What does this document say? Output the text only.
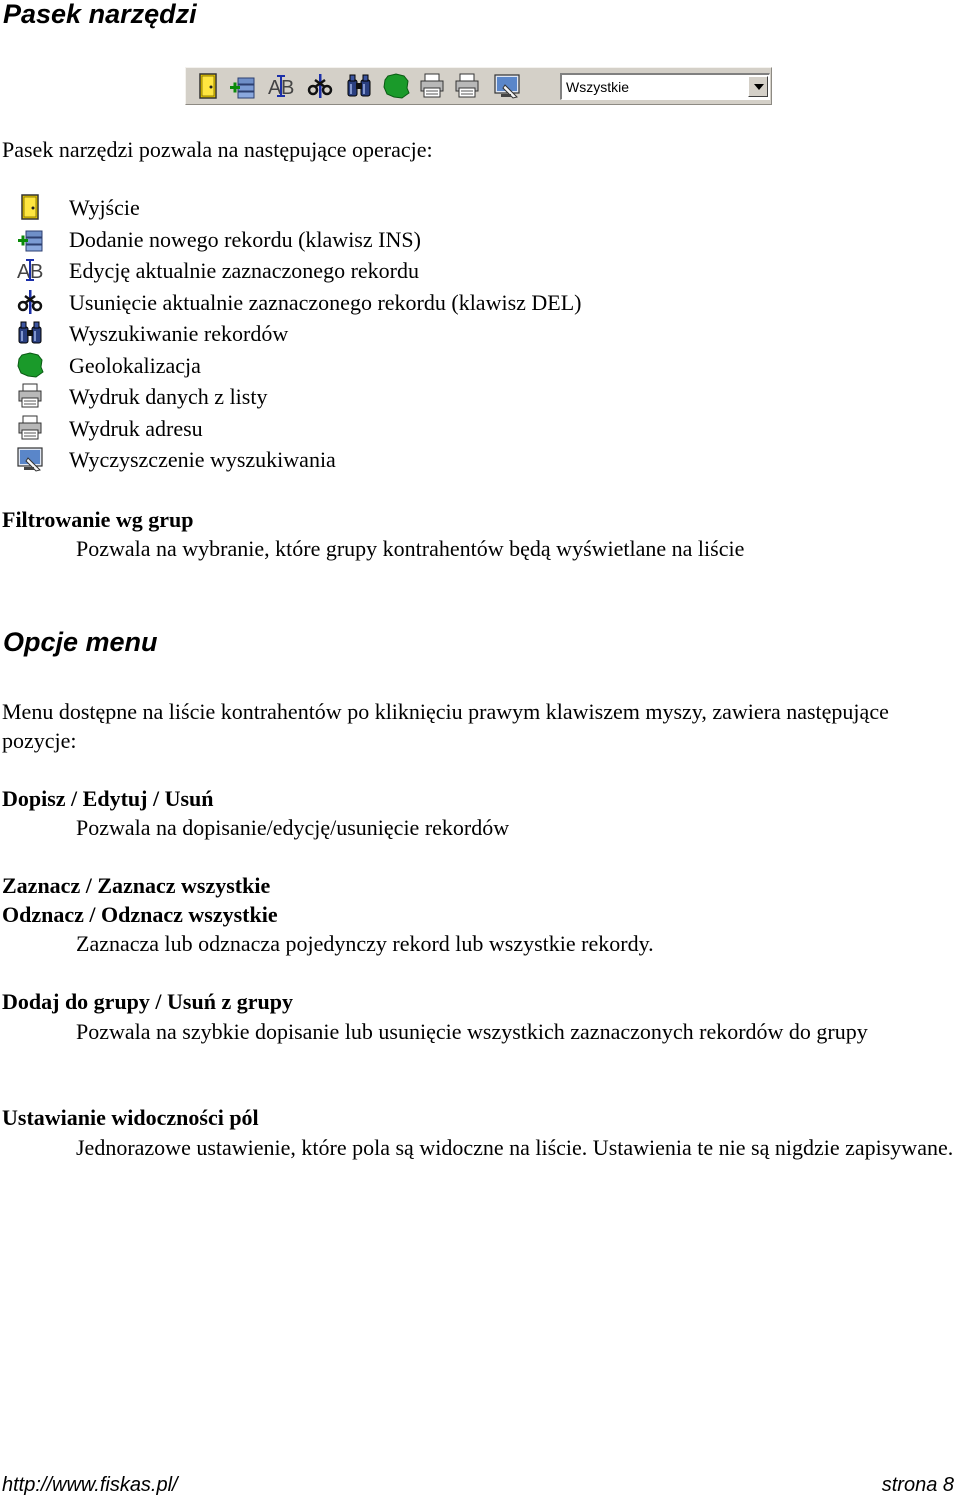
Pasek narzędzi
Wszystkie
Pasek narzędzi pozwala na następujące operacje:
Wyjście
Dodanie nowego rekordu (klawisz INS)
Edycję aktualnie zaznaczonego rekordu
Usunięcie aktualnie zaznaczonego rekordu (klawisz DEL)
Wyszukiwanie rekordów
Geolokalizacja
Wydruk danych z listy
Wydruk adresu
Wyczyszczenie wyszukiwania
Filtrowanie wg grup
Pozwala na wybranie, które grupy kontrahentów będą wyświetlane na liście
Opcje menu
Menu dostępne na liście kontrahentów po kliknięciu prawym klawiszem myszy, zawiera następujące pozycje:
Dopisz / Edytuj / Usuń
Pozwala na dopisanie/edycję/usunięcie rekordów
Zaznacz / Zaznacz wszystkie
Odznacz / Odznacz wszystkie
Zaznacza lub odznacza pojedynczy rekord lub wszystkie rekordy.
Dodaj do grupy / Usuń z grupy
Pozwala na szybkie dopisanie lub usunięcie wszystkich zaznaczonych rekordów do grupy
Ustawianie widoczności pól
Jednorazowe ustawienie, które pola są widoczne na liście. Ustawienia te nie są nigdzie zapisywane.
http://www.fiskas.pl/	strona 8
